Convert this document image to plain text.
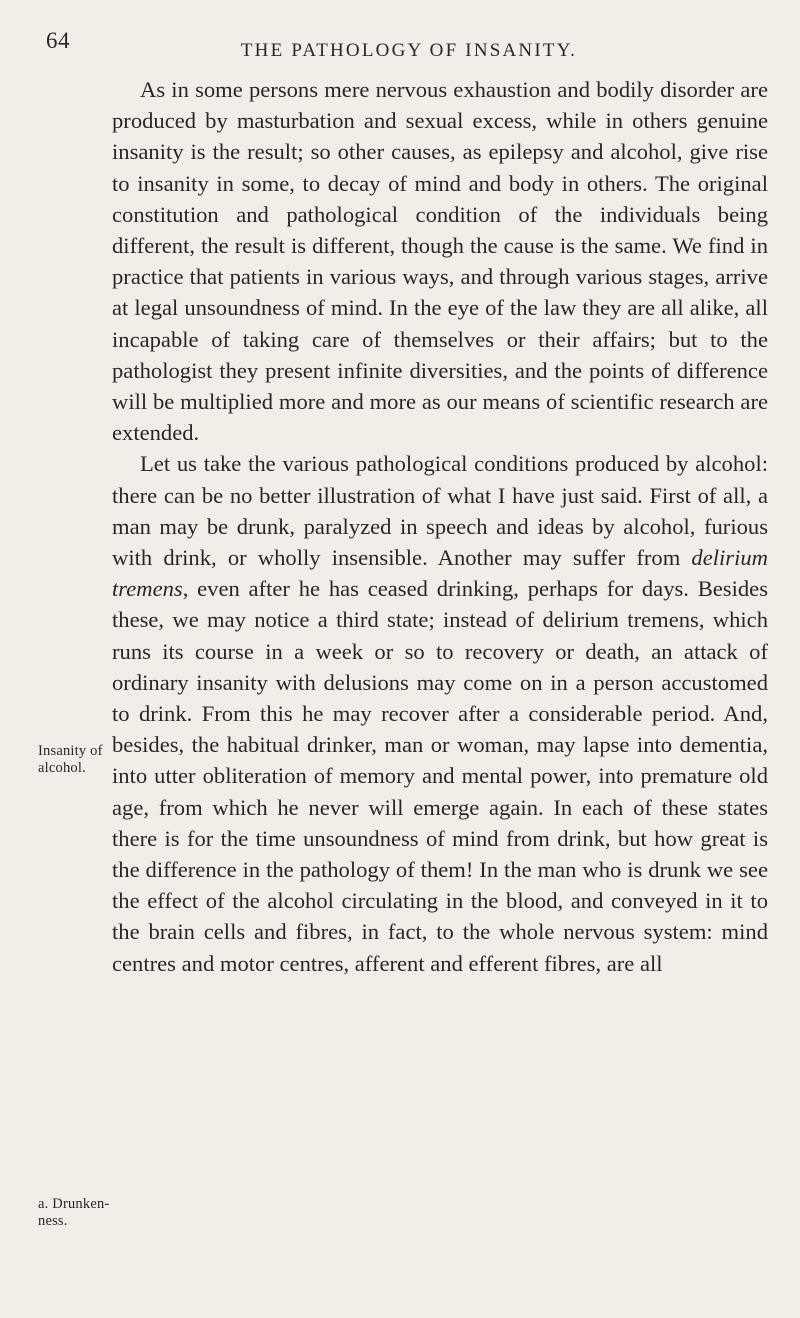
64	THE PATHOLOGY OF INSANITY.
Insanity of
alcohol.
a. Drunken-
ness.

As in some persons mere nervous exhaustion and bodily disorder are produced by masturbation and sexual excess, while in others genuine insanity is the result; so other causes, as epilepsy and alcohol, give rise to insanity in some, to decay of mind and body in others. The original constitution and pathological condition of the individuals being different, the result is different, though the cause is the same. We find in practice that patients in various ways, and through various stages, arrive at legal unsoundness of mind. In the eye of the law they are all alike, all incapable of taking care of themselves or their affairs; but to the pathologist they present infinite diversities, and the points of difference will be multiplied more and more as our means of scientific research are extended.

Let us take the various pathological conditions produced by alcohol: there can be no better illustration of what I have just said. First of all, a man may be drunk, paralyzed in speech and ideas by alcohol, furious with drink, or wholly insensible. Another may suffer from delirium tremens, even after he has ceased drinking, perhaps for days. Besides these, we may notice a third state; instead of delirium tremens, which runs its course in a week or so to recovery or death, an attack of ordinary insanity with delusions may come on in a person accustomed to drink. From this he may recover after a considerable period. And, besides, the habitual drinker, man or woman, may lapse into dementia, into utter obliteration of memory and mental power, into premature old age, from which he never will emerge again. In each of these states there is for the time unsoundness of mind from drink, but how great is the difference in the pathology of them! In the man who is drunk we see the effect of the alcohol circulating in the blood, and conveyed in it to the brain cells and fibres, in fact, to the whole nervous system: mind centres and motor centres, afferent and efferent fibres, are all
